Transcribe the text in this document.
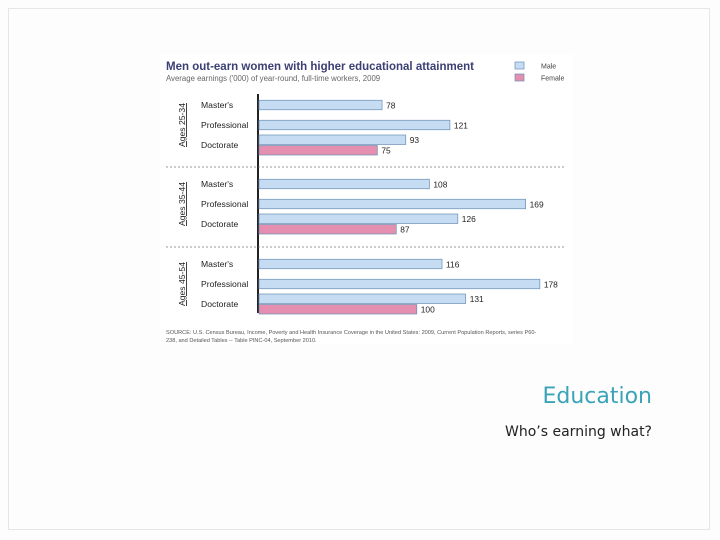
Men out-earn women with higher educational attainment
Average earnings ('000) of year-round, full-time workers, 2009
Male
Female
Ages 25-34 Master's	78
Professional	121
Doctorate	93
75
Ages 35-44 Master's	108
Professional	169
Doctorate	126
87
Ages 45-54 Master's	116
Professional	178
Doctorate	131
100
SOURCE: U.S. Census Bureau, Income, Poverty and Health Insurance Coverage in the United States: 2009, Current Population Reports, series P60-
238, and Detailed Tables -- Table PINC-04, September 2010.
Education
Who’s earning what?
